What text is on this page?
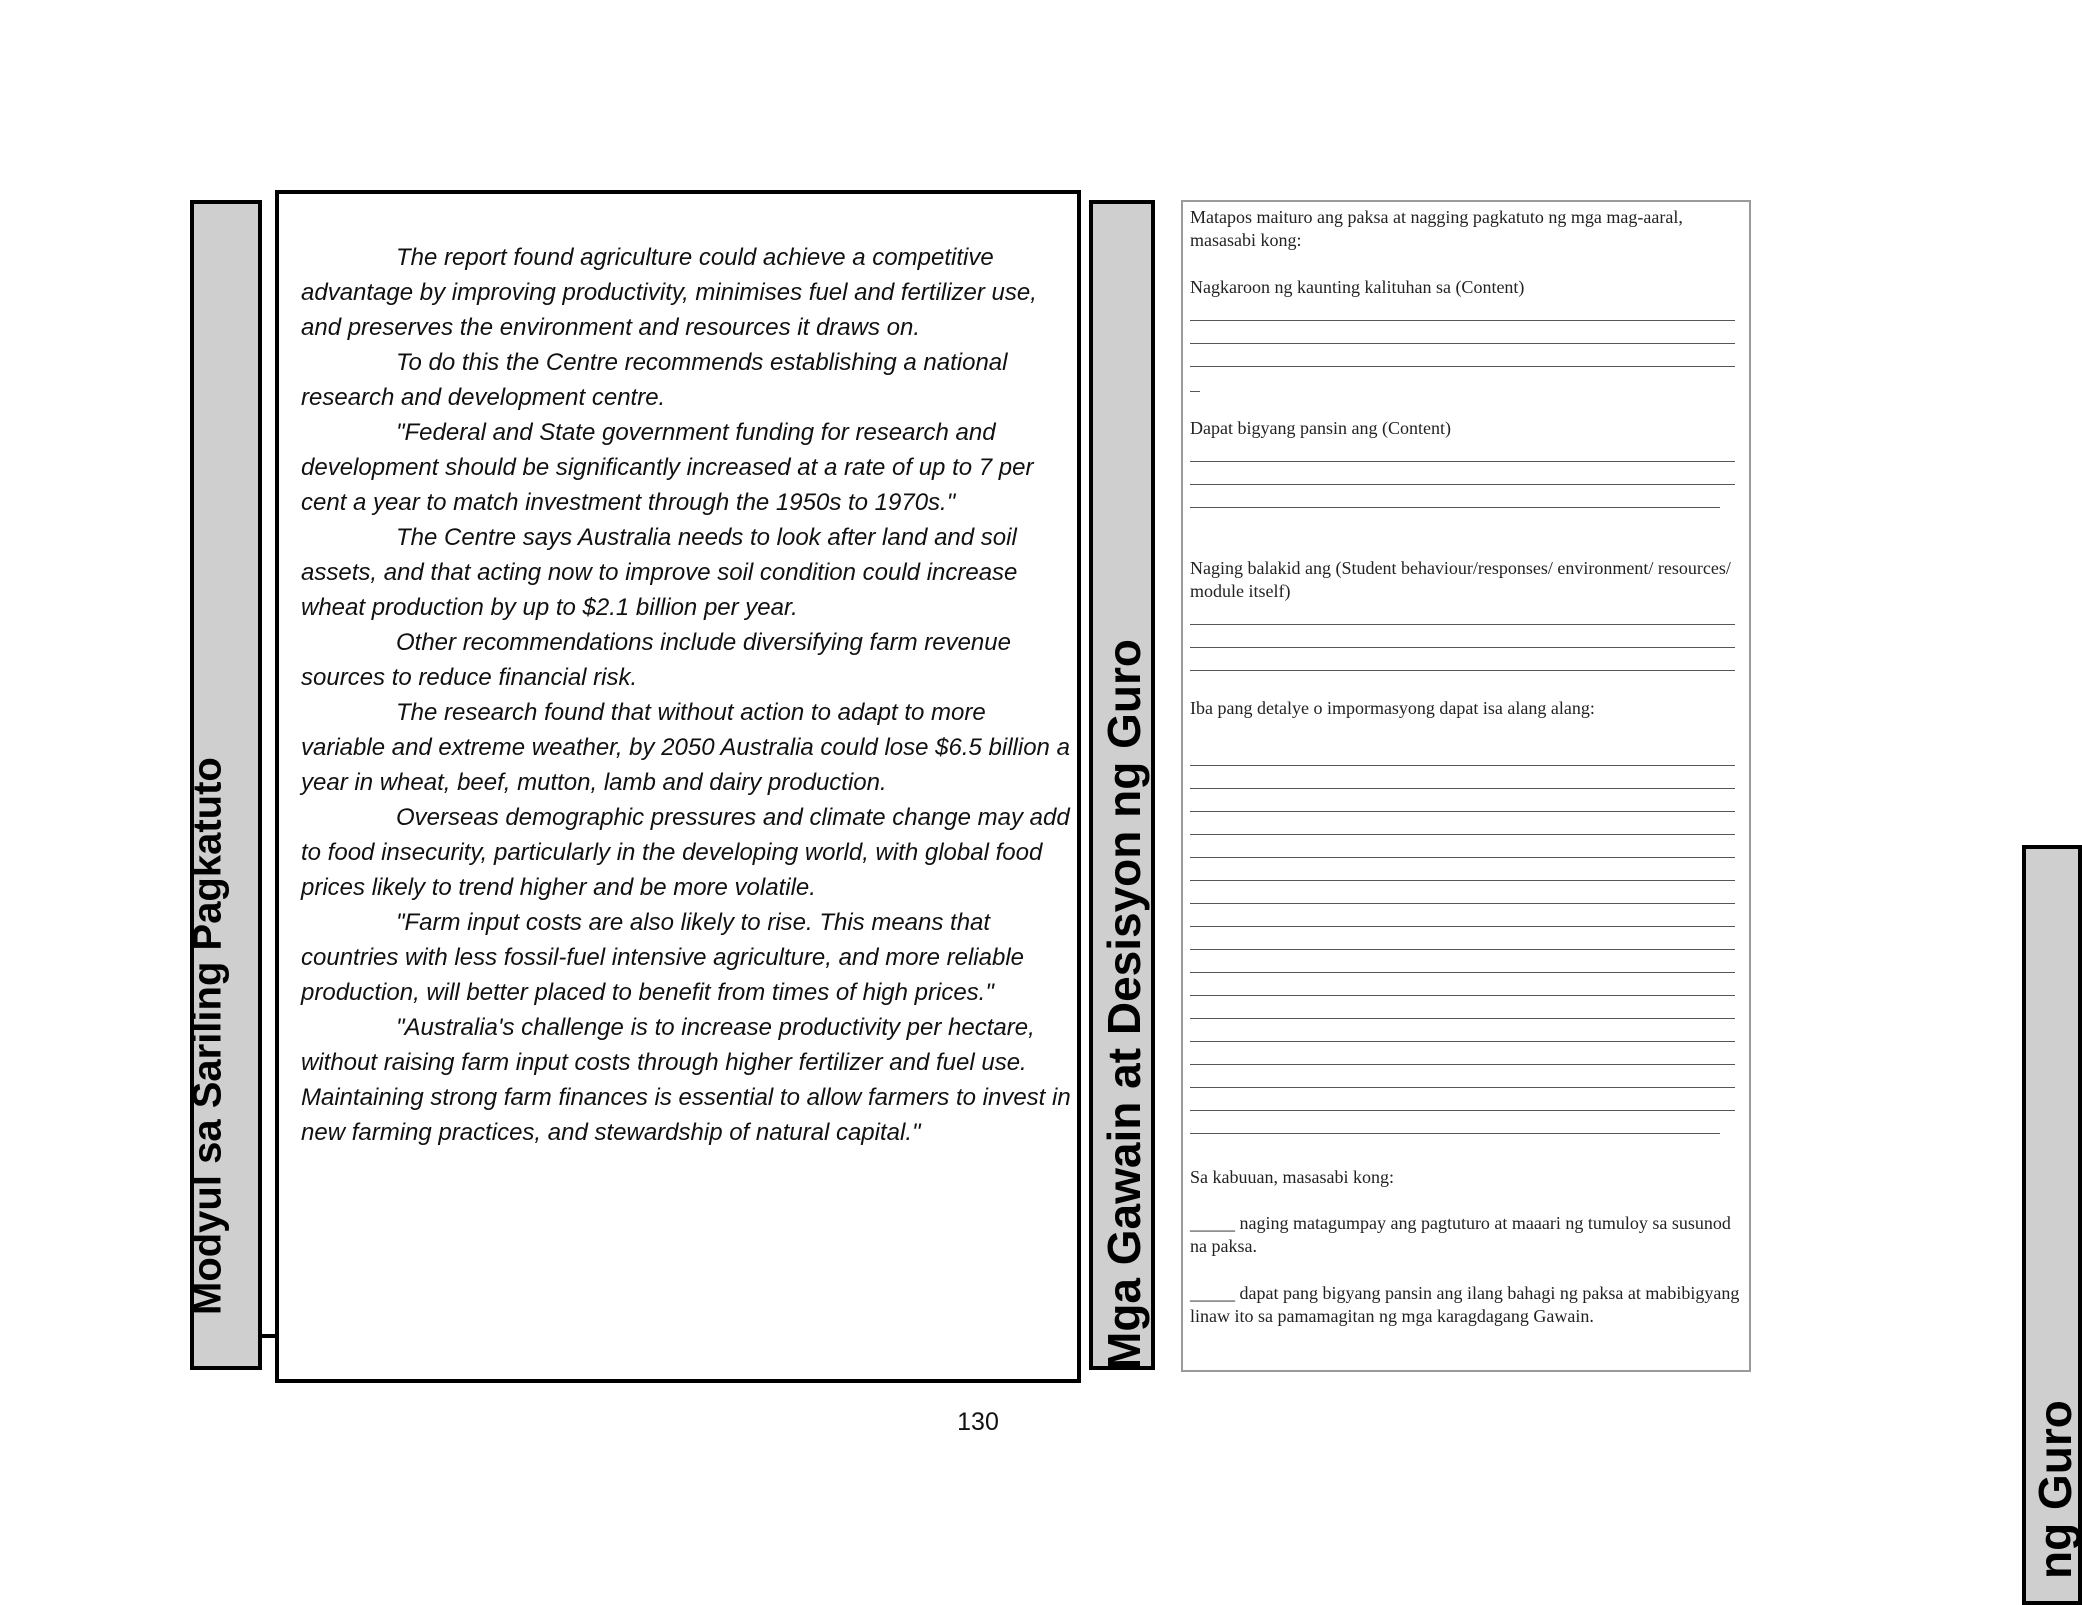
Modyul sa Sariling Pagkatuto

The report found agriculture could achieve a competitive advantage by improving productivity, minimises fuel and fertilizer use, and preserves the environment and resources it draws on.

To do this the Centre recommends establishing a national research and development centre.

"Federal and State government funding for research and development should be significantly increased at a rate of up to 7 per cent a year to match investment through the 1950s to 1970s."

The Centre says Australia needs to look after land and soil assets, and that acting now to improve soil condition could increase wheat production by up to $2.1 billion per year.

Other recommendations include diversifying farm revenue sources to reduce financial risk.

The research found that without action to adapt to more variable and extreme weather, by 2050 Australia could lose $6.5 billion a year in wheat, beef, mutton, lamb and dairy production.

Overseas demographic pressures and climate change may add to food insecurity, particularly in the developing world, with global food prices likely to trend higher and be more volatile.

"Farm input costs are also likely to rise. This means that countries with less fossil-fuel intensive agriculture, and more reliable production, will better placed to benefit from times of high prices."

"Australia's challenge is to increase productivity per hectare, without raising farm input costs through higher fertilizer and fuel use. Maintaining strong farm finances is essential to allow farmers to invest in new farming practices, and stewardship of natural capital."	Mga Gawain at Desisyon ng Guro
Matapos maituro ang paksa at nagging pagkatuto ng mga mag-aaral, masasabi kong:
Nagkaroon ng kaunting kalituhan sa (Content)
Dapat bigyang pansin ang (Content)
Naging balakid ang (Student behaviour/responses/ environment/ resources/ module itself)
Iba pang detalye o impormasyong dapat isa alang alang:
Sa kabuuan, masasabi kong:
_____ naging matagumpay ang pagtuturo at maaari ng tumuloy sa susunod na paksa.
_____ dapat pang bigyang pansin ang ilang bahagi ng paksa at mabibigyang linaw ito sa pamamagitan ng mga karagdagang Gawain.
ng Guro
130
